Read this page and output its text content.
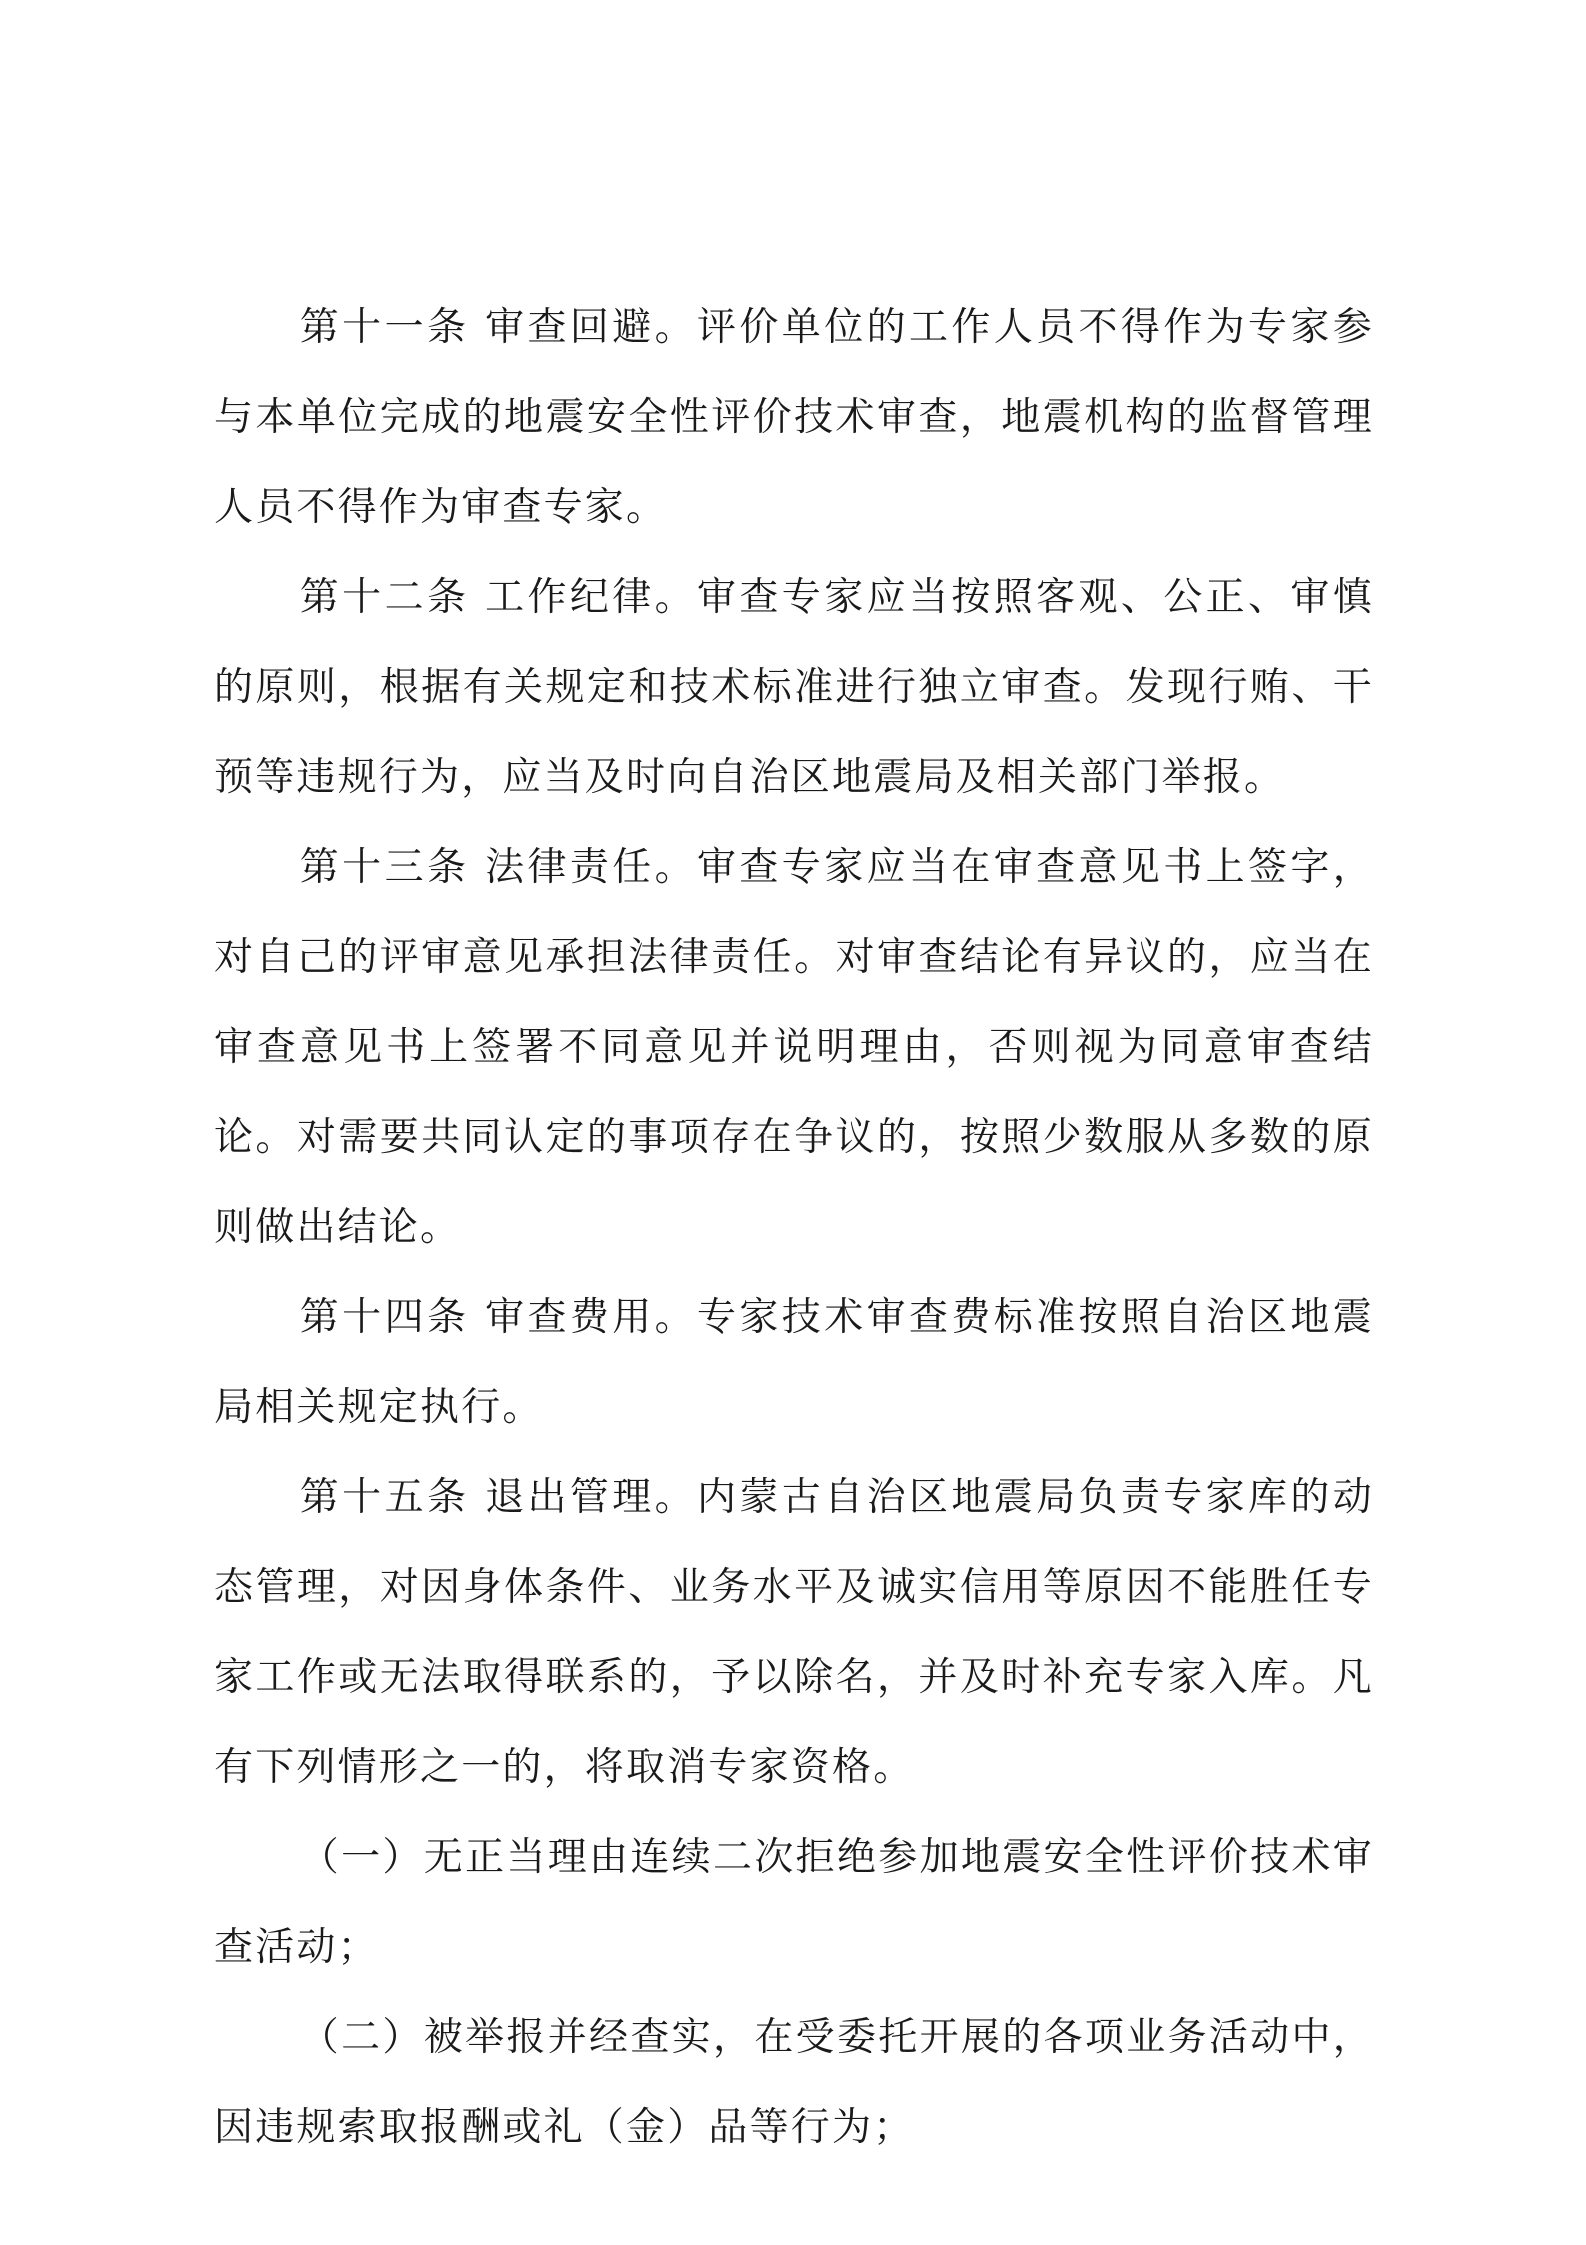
第十一条 审查回避。评价单位的工作人员不得作为专家参与本单位完成的地震安全性评价技术审查，地震机构的监督管理人员不得作为审查专家。

第十二条 工作纪律。审查专家应当按照客观、公正、审慎的原则，根据有关规定和技术标准进行独立审查。发现行贿、干预等违规行为，应当及时向自治区地震局及相关部门举报。

第十三条 法律责任。审查专家应当在审查意见书上签字，对自己的评审意见承担法律责任。对审查结论有异议的，应当在审查意见书上签署不同意见并说明理由，否则视为同意审查结论。对需要共同认定的事项存在争议的，按照少数服从多数的原则做出结论。

第十四条 审查费用。专家技术审查费标准按照自治区地震局相关规定执行。

第十五条 退出管理。内蒙古自治区地震局负责专家库的动态管理，对因身体条件、业务水平及诚实信用等原因不能胜任专家工作或无法取得联系的，予以除名，并及时补充专家入库。凡有下列情形之一的，将取消专家资格。

（一）无正当理由连续二次拒绝参加地震安全性评价技术审查活动；

（二）被举报并经查实，在受委托开展的各项业务活动中，因违规索取报酬或礼（金）品等行为；
